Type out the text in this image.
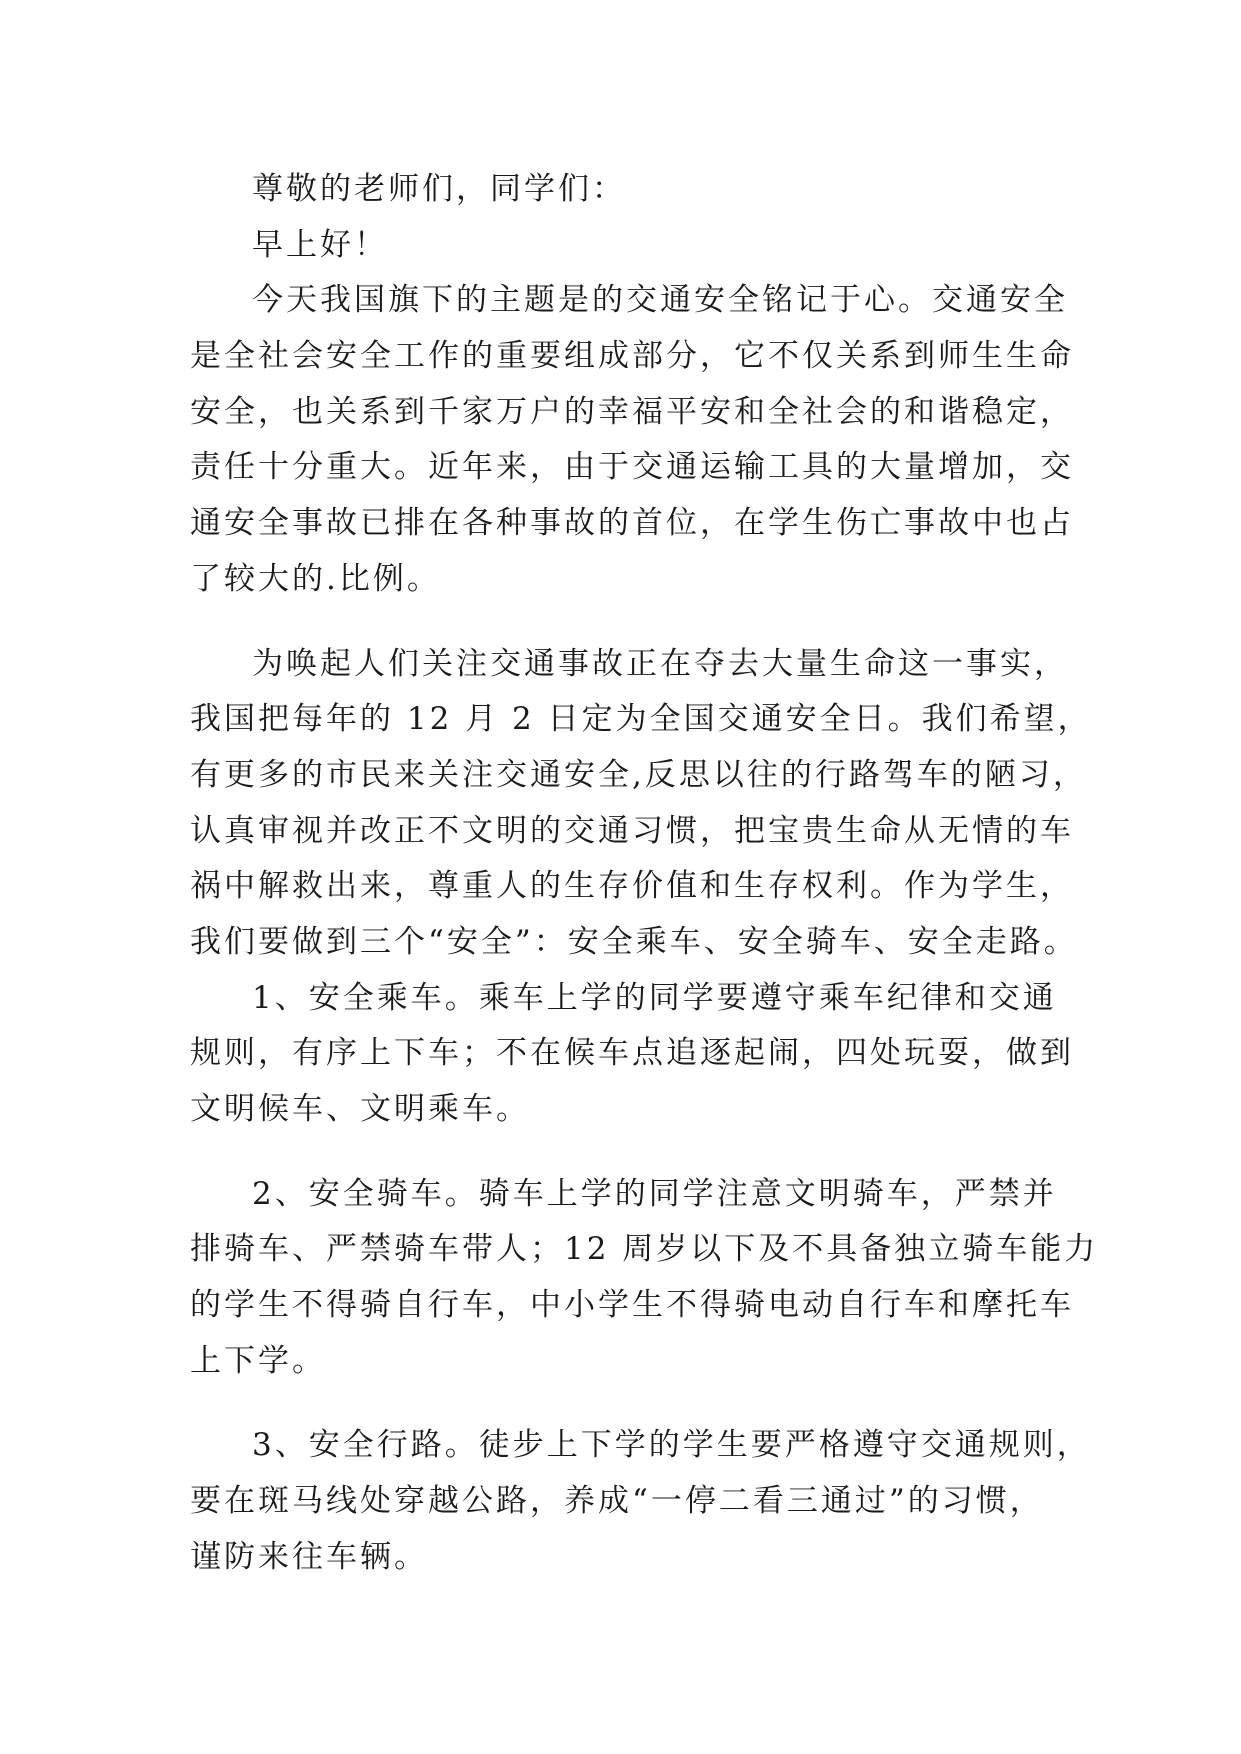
尊敬的老师们，同学们：
早上好！
今天我国旗下的主题是的交通安全铭记于心。交通安全
是全社会安全工作的重要组成部分，它不仅关系到师生生命
安全，也关系到千家万户的幸福平安和全社会的和谐稳定，
责任十分重大。近年来，由于交通运输工具的大量增加，交
通安全事故已排在各种事故的首位，在学生伤亡事故中也占
了较大的.比例。
为唤起人们关注交通事故正在夺去大量生命这一事实，
我国把每年的 12 月 2 日定为全国交通安全日。我们希望，
有更多的市民来关注交通安全,反思以往的行路驾车的陋习，
认真审视并改正不文明的交通习惯，把宝贵生命从无情的车
祸中解救出来，尊重人的生存价值和生存权利。作为学生，
我们要做到三个“安全”：安全乘车、安全骑车、安全走路。
1、安全乘车。乘车上学的同学要遵守乘车纪律和交通
规则，有序上下车；不在候车点追逐起闹，四处玩耍，做到
文明候车、文明乘车。
2、安全骑车。骑车上学的同学注意文明骑车，严禁并
排骑车、严禁骑车带人；12 周岁以下及不具备独立骑车能力
的学生不得骑自行车，中小学生不得骑电动自行车和摩托车
上下学。
3、安全行路。徒步上下学的学生要严格遵守交通规则，
要在斑马线处穿越公路，养成“一停二看三通过”的习惯，
谨防来往车辆。
